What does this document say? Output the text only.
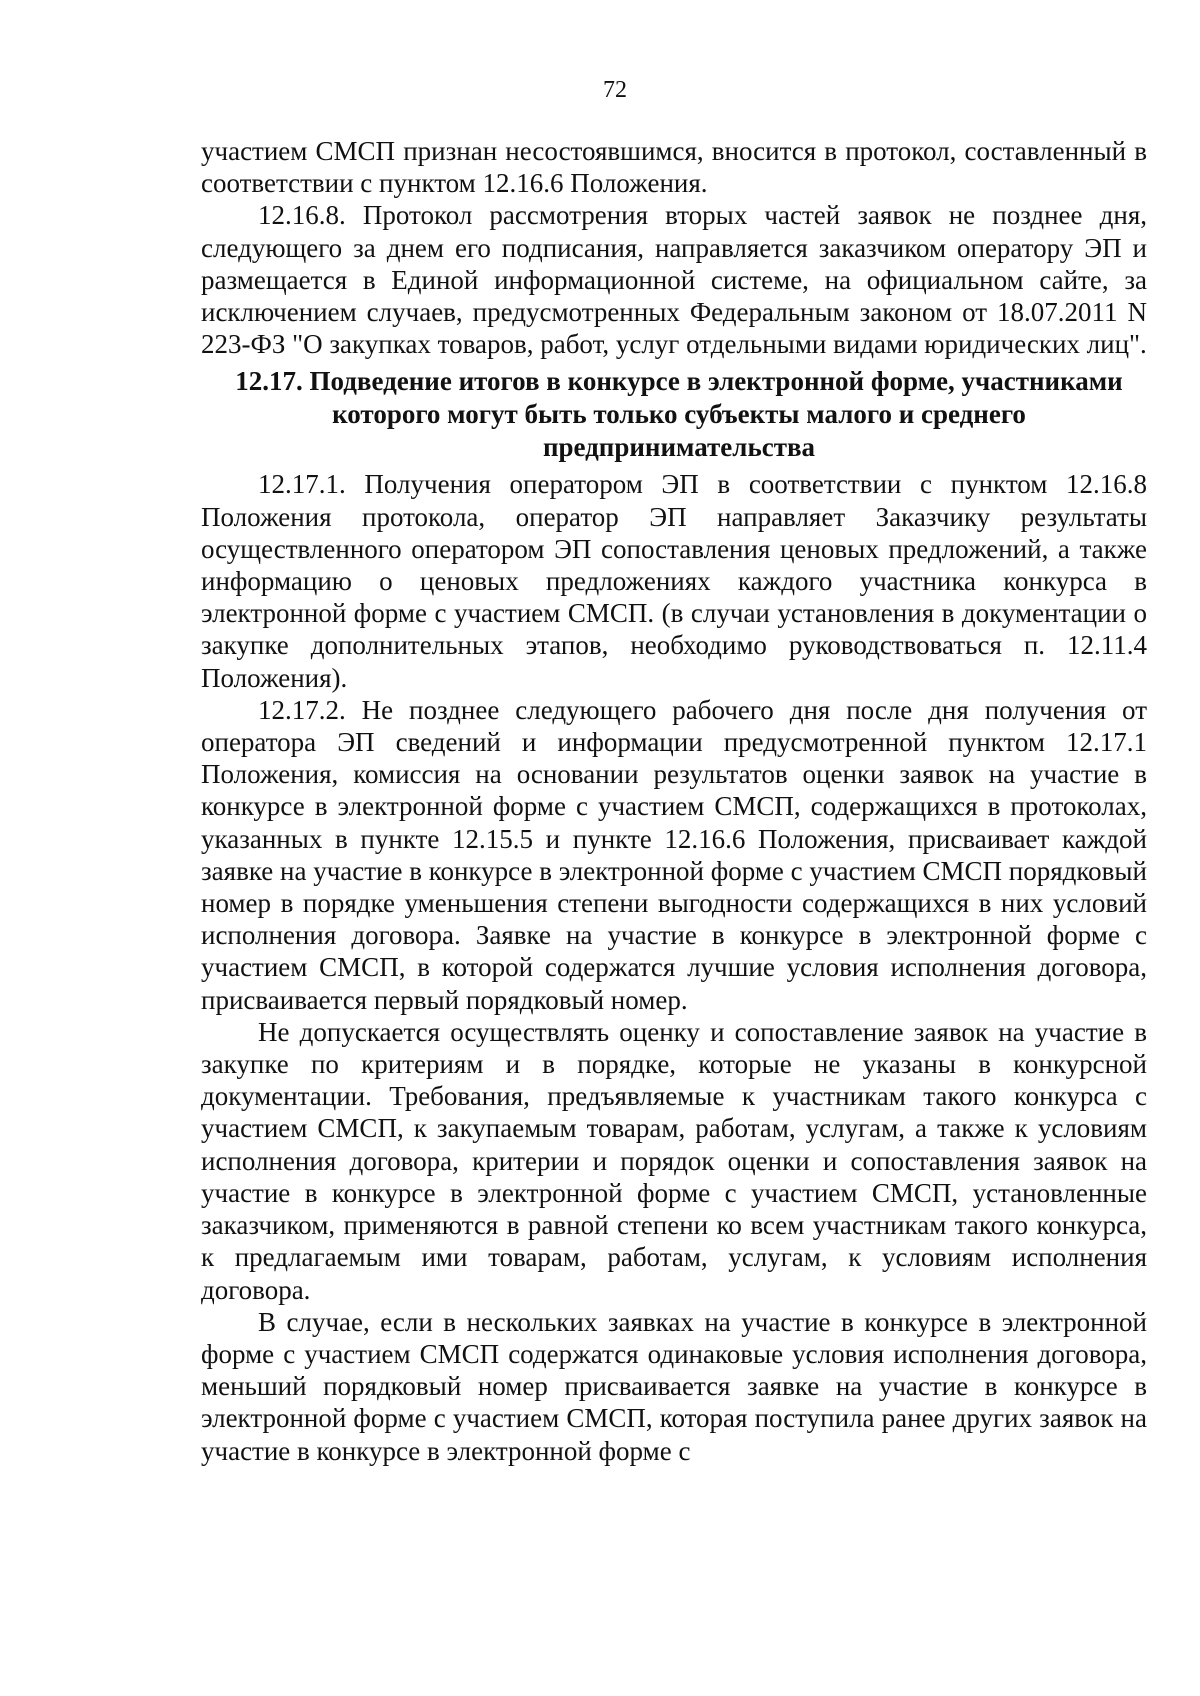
72

участием СМСП признан несостоявшимся, вносится в протокол, составленный в соответствии с пунктом 12.16.6 Положения.

12.16.8. Протокол рассмотрения вторых частей заявок не позднее дня, следующего за днем его подписания, направляется заказчиком оператору ЭП и размещается в Единой информационной системе, на официальном сайте, за исключением случаев, предусмотренных Федеральным законом от 18.07.2011 N 223-ФЗ "О закупках товаров, работ, услуг отдельными видами юридических лиц".

12.17. Подведение итогов в конкурсе в электронной форме, участниками
которого могут быть только субъекты малого и среднего
предпринимательства

12.17.1. Получения оператором ЭП в соответствии с пунктом 12.16.8 Положения протокола, оператор ЭП направляет Заказчику результаты осуществленного оператором ЭП сопоставления ценовых предложений, а также информацию о ценовых предложениях каждого участника конкурса в электронной форме с участием СМСП. (в случаи установления в документации о закупке дополнительных этапов, необходимо руководствоваться п. 12.11.4 Положения).

12.17.2. Не позднее следующего рабочего дня после дня получения от оператора ЭП сведений и информации предусмотренной пунктом 12.17.1 Положения, комиссия на основании результатов оценки заявок на участие в конкурсе в электронной форме с участием СМСП, содержащихся в протоколах, указанных в пункте 12.15.5 и пункте 12.16.6 Положения, присваивает каждой заявке на участие в конкурсе в электронной форме с участием СМСП порядковый номер в порядке уменьшения степени выгодности содержащихся в них условий исполнения договора. Заявке на участие в конкурсе в электронной форме с участием СМСП, в которой содержатся лучшие условия исполнения договора, присваивается первый порядковый номер.

Не допускается осуществлять оценку и сопоставление заявок на участие в закупке по критериям и в порядке, которые не указаны в конкурсной документации. Требования, предъявляемые к участникам такого конкурса с участием СМСП, к закупаемым товарам, работам, услугам, а также к условиям исполнения договора, критерии и порядок оценки и сопоставления заявок на участие в конкурсе в электронной форме с участием СМСП, установленные заказчиком, применяются в равной степени ко всем участникам такого конкурса, к предлагаемым ими товарам, работам, услугам, к условиям исполнения договора.

В случае, если в нескольких заявках на участие в конкурсе в электронной форме с участием СМСП содержатся одинаковые условия исполнения договора, меньший порядковый номер присваивается заявке на участие в конкурсе в электронной форме с участием СМСП, которая поступила ранее других заявок на участие в конкурсе в электронной форме с
